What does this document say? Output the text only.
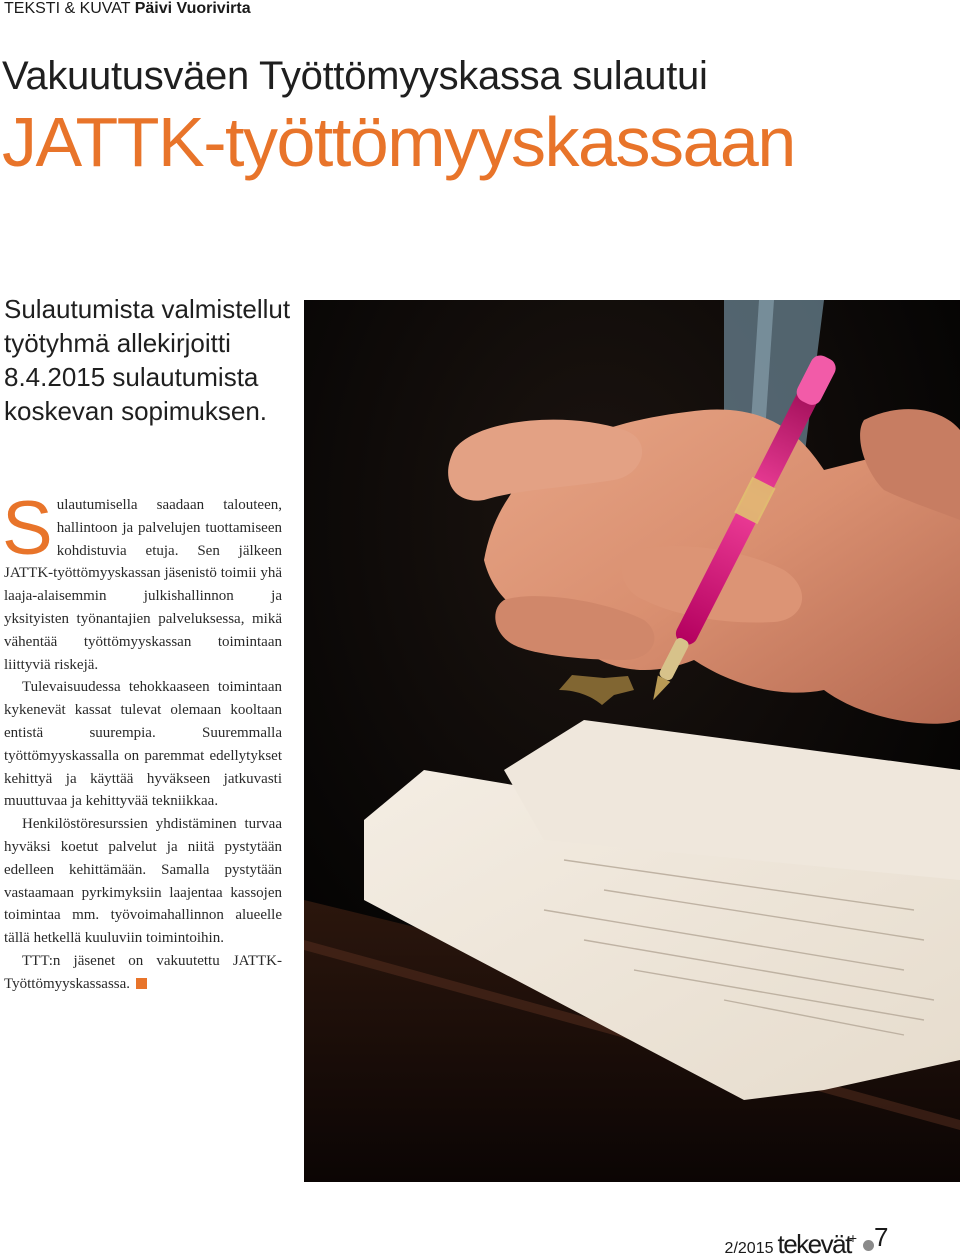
TEKSTI & KUVAT Päivi Vuorivirta
Vakuutusväen Työttömyyskassa sulautui
JATTK-työttömyyskassaan

Sulautumista valmistellut työtyhmä allekirjoitti 8.4.2015 sulautumista koskevan sopimuksen.

Sulautumisella saadaan talouteen, hallintoon ja palvelujen tuottamiseen kohdistuvia etuja. Sen jälkeen JATTK-työttömyyskassan jäsenistö toimii yhä laaja-alaisemmin julkishallinnon ja yksityisten työnantajien palveluksessa, mikä vähentää työttömyyskassan toimintaan liittyviä riskejä.

Tulevaisuudessa tehokkaaseen toimintaan kykenevät kassat tulevat olemaan kooltaan entistä suurempia. Suuremmalla työttömyyskassalla on paremmat edellytykset kehittyä ja käyttää hyväkseen jatkuvasti muuttuvaa ja kehittyvää tekniikkaa.

Henkilöstöresurssien yhdistäminen turvaa hyväksi koetut palvelut ja niitä pystytään edelleen kehittämään. Samalla pystytään vastaamaan pyrkimyksiin laajentaa kassojen toimintaa mm. työvoimahallinnon alueelle tällä hetkellä kuuluviin toimintoihin.

TTT:n jäsenet on vakuutettu JATTK-Työttömyyskassassa.

2/2015 tekevät+ 7
